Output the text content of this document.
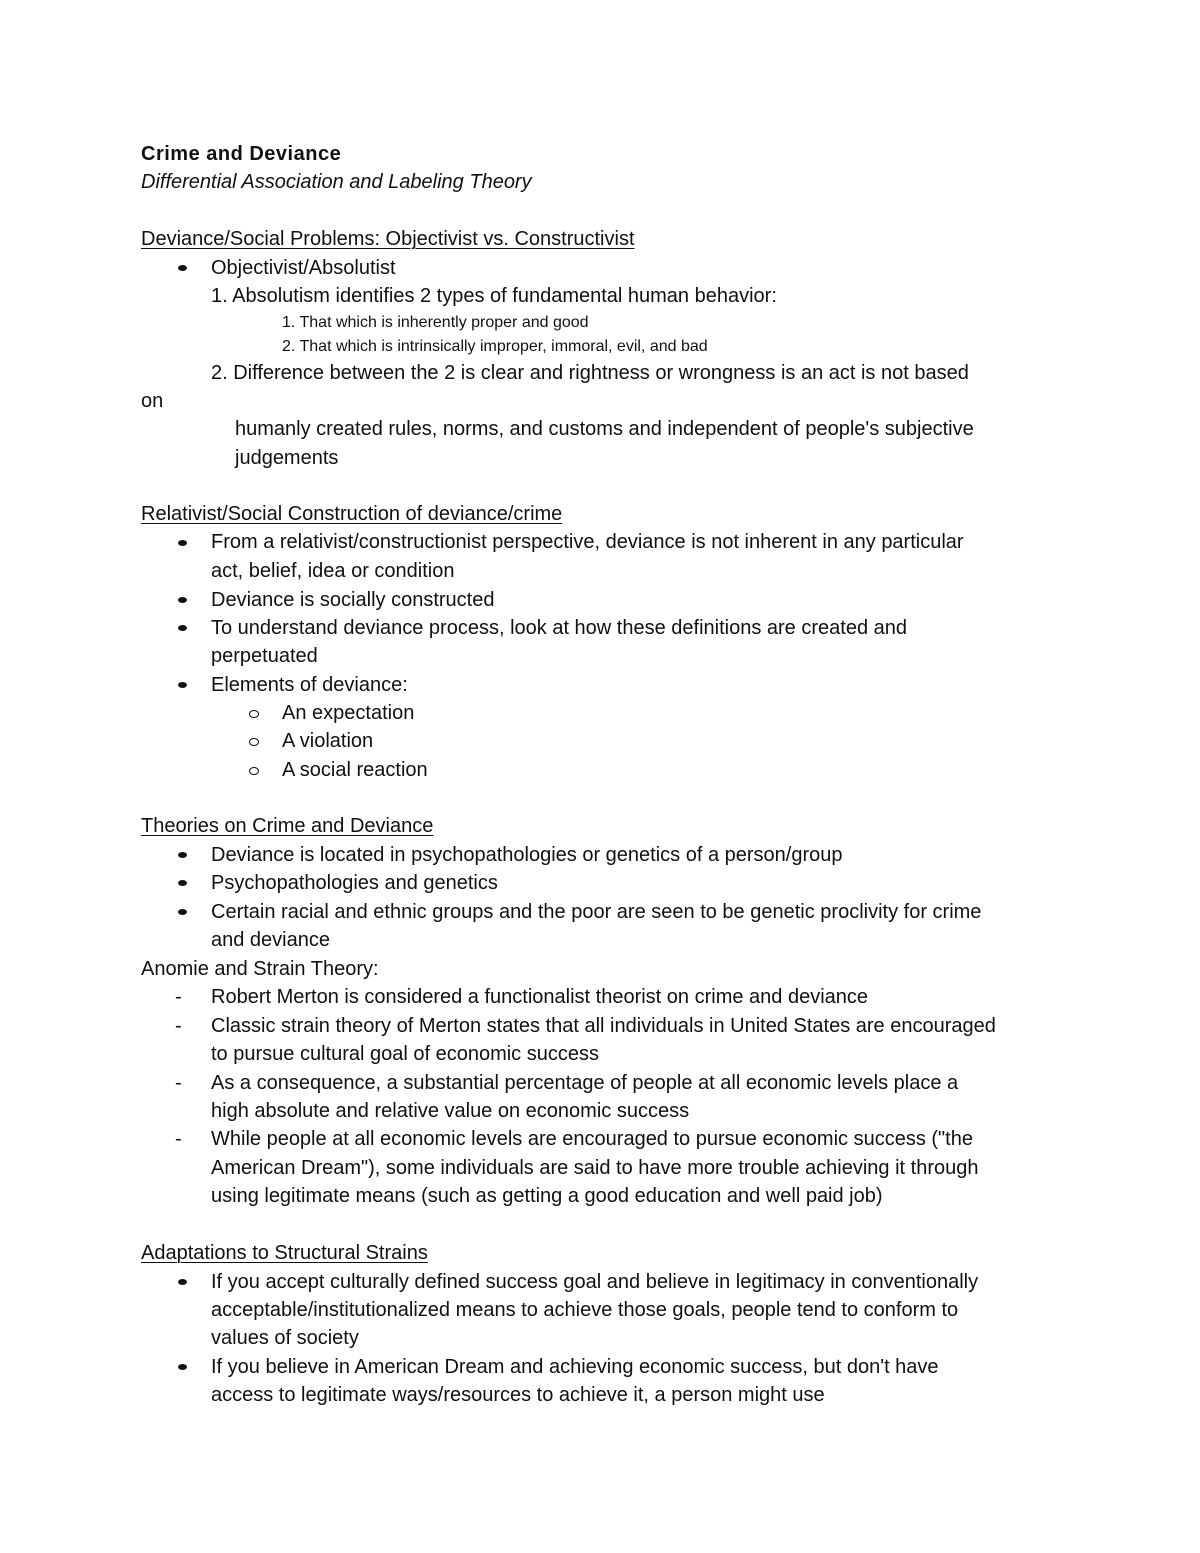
Crime and Deviance
Differential Association and Labeling Theory
Deviance/Social Problems: Objectivist vs. Constructivist
Objectivist/Absolutist
1. Absolutism identifies 2 types of fundamental human behavior:
1. That which is inherently proper and good
2. That which is intrinsically improper, immoral, evil, and bad
2. Difference between the 2 is clear and rightness or wrongness is an act is not based
on
humanly created rules, norms, and customs and independent of people's subjective
judgements
Relativist/Social Construction of deviance/crime
From a relativist/constructionist perspective, deviance is not inherent in any particular
act, belief, idea or condition
Deviance is socially constructed
To understand deviance process, look at how these definitions are created and
perpetuated
Elements of deviance:
An expectation
A violation
A social reaction
Theories on Crime and Deviance
Deviance is located in psychopathologies or genetics of a person/group
Psychopathologies and genetics
Certain racial and ethnic groups and the poor are seen to be genetic proclivity for crime
and deviance
Anomie and Strain Theory:
- Robert Merton is considered a functionalist theorist on crime and deviance
- Classic strain theory of Merton states that all individuals in United States are encouraged
to pursue cultural goal of economic success
- As a consequence, a substantial percentage of people at all economic levels place a
high absolute and relative value on economic success
- While people at all economic levels are encouraged to pursue economic success ("the
American Dream"), some individuals are said to have more trouble achieving it through
using legitimate means (such as getting a good education and well paid job)
Adaptations to Structural Strains
If you accept culturally defined success goal and believe in legitimacy in conventionally
acceptable/institutionalized means to achieve those goals, people tend to conform to
values of society
If you believe in American Dream and achieving economic success, but don't have
access to legitimate ways/resources to achieve it, a person might use
